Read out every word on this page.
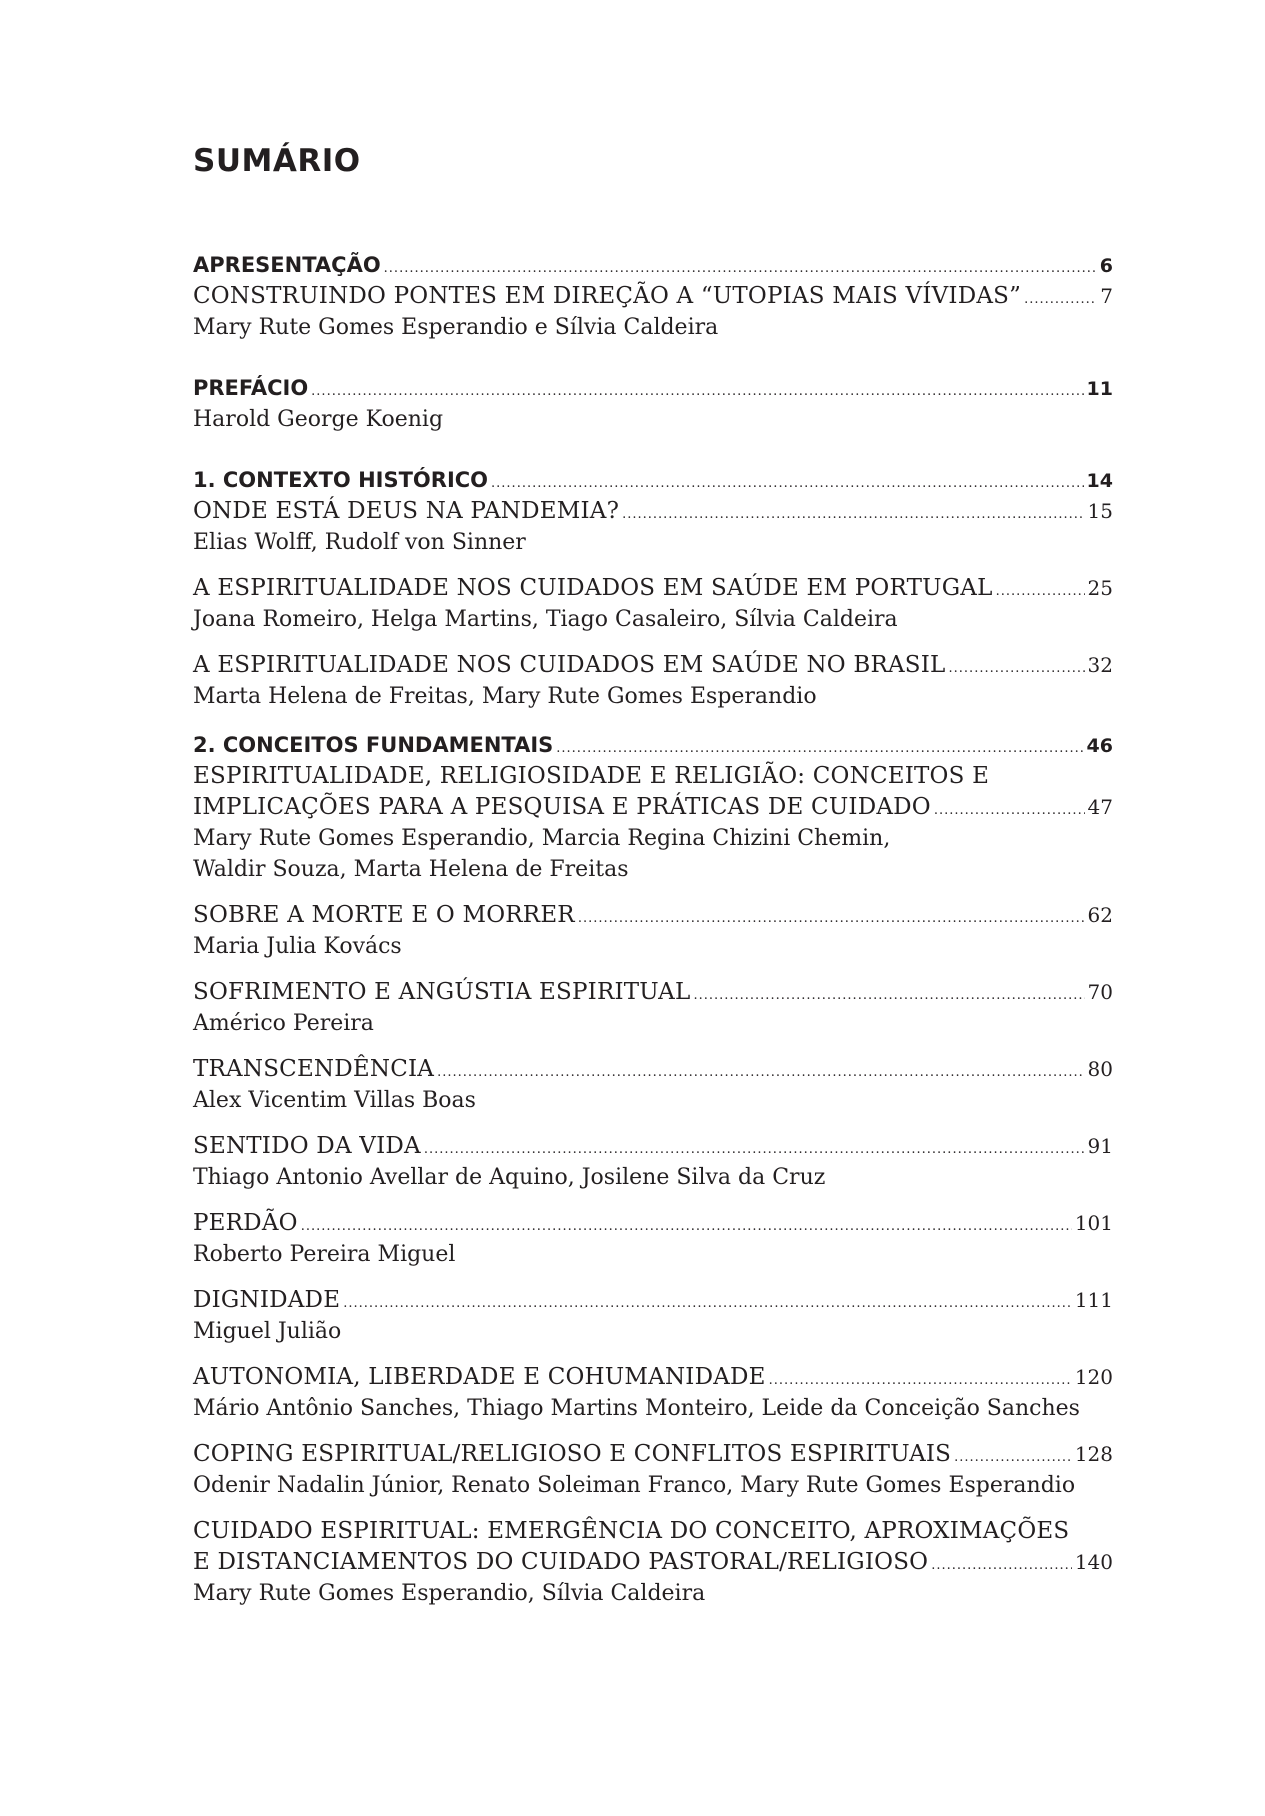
SUMÁRIO
APRESENTAÇÃO .....	6
CONSTRUINDO PONTES EM DIREÇÃO A “UTOPIAS MAIS VÍVIDAS” .....	7
Mary Rute Gomes Esperandio e Sílvia Caldeira
PREFÁCIO .....	11
Harold George Koenig
1. CONTEXTO HISTÓRICO .....	14
ONDE ESTÁ DEUS NA PANDEMIA? .....	15
Elias Wolff, Rudolf von Sinner
A ESPIRITUALIDADE NOS CUIDADOS EM SAÚDE EM PORTUGAL .....	25
Joana Romeiro, Helga Martins, Tiago Casaleiro, Sílvia Caldeira
A ESPIRITUALIDADE NOS CUIDADOS EM SAÚDE NO BRASIL .....	32
Marta Helena de Freitas, Mary Rute Gomes Esperandio
2. CONCEITOS FUNDAMENTAIS .....	46
ESPIRITUALIDADE, RELIGIOSIDADE E RELIGIÃO: CONCEITOS E
IMPLICAÇÕES PARA A PESQUISA E PRÁTICAS DE CUIDADO .....	47
Mary Rute Gomes Esperandio, Marcia Regina Chizini Chemin,
Waldir Souza, Marta Helena de Freitas
SOBRE A MORTE E O MORRER .....	62
Maria Julia Kovács
SOFRIMENTO E ANGÚSTIA ESPIRITUAL .....	70
Américo Pereira
TRANSCENDÊNCIA .....	80
Alex Vicentim Villas Boas
SENTIDO DA VIDA .....	91
Thiago Antonio Avellar de Aquino, Josilene Silva da Cruz
PERDÃO .....	101
Roberto Pereira Miguel
DIGNIDADE .....	111
Miguel Julião
AUTONOMIA, LIBERDADE E COHUMANIDADE .....	120
Mário Antônio Sanches, Thiago Martins Monteiro, Leide da Conceição Sanches
COPING ESPIRITUAL/RELIGIOSO E CONFLITOS ESPIRITUAIS .....	128
Odenir Nadalin Júnior, Renato Soleiman Franco, Mary Rute Gomes Esperandio
CUIDADO ESPIRITUAL: EMERGÊNCIA DO CONCEITO, APROXIMAÇÕES
E DISTANCIAMENTOS DO CUIDADO PASTORAL/RELIGIOSO .....	140
Mary Rute Gomes Esperandio, Sílvia Caldeira
